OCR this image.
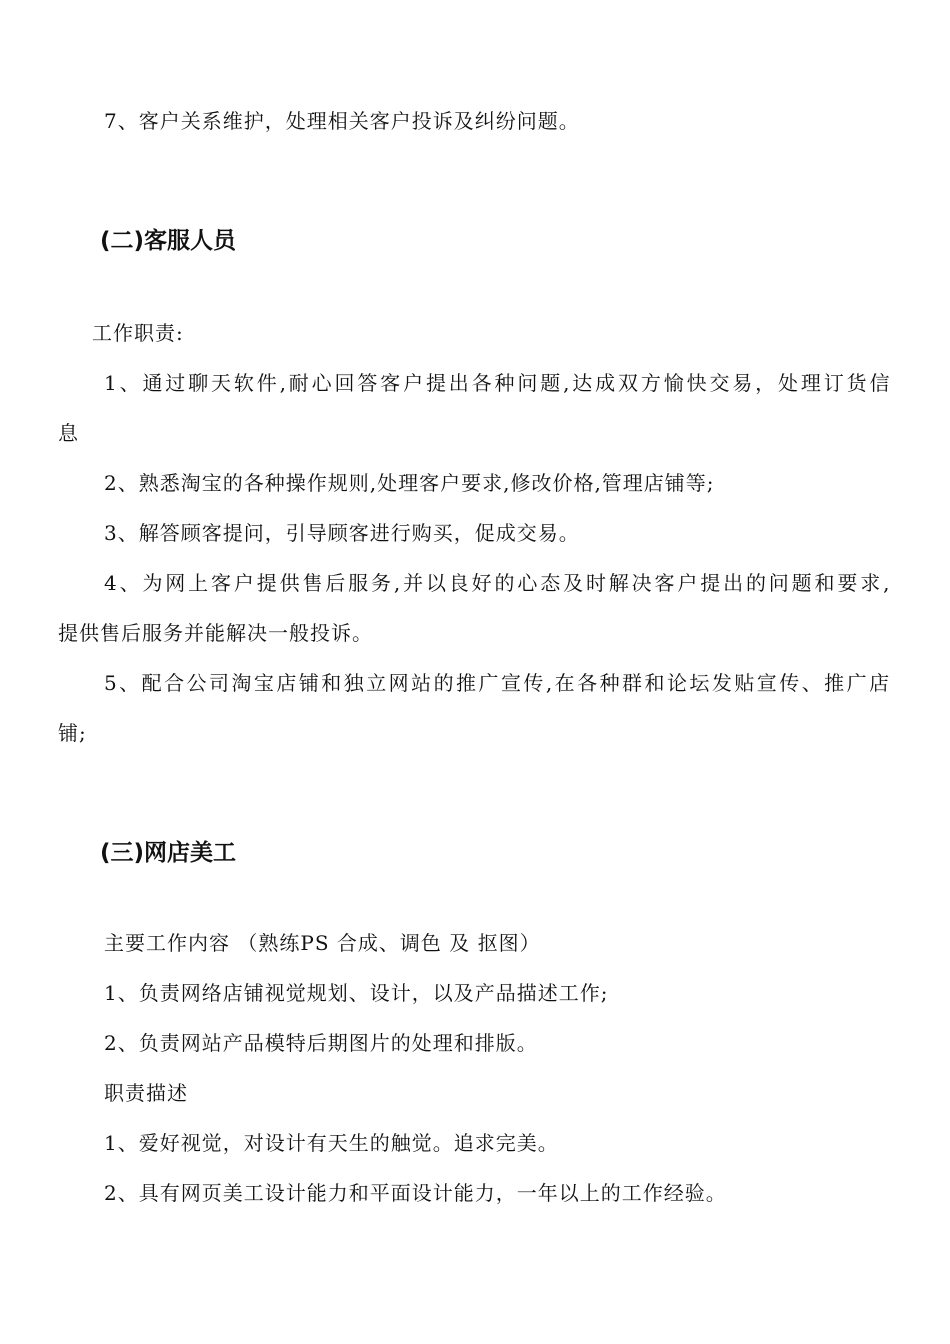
7、客户关系维护，处理相关客户投诉及纠纷问题。
(二)客服人员
工作职责:
1、通过聊天软件,耐心回答客户提出各种问题,达成双方愉快交易，处理订货信
息
2、熟悉淘宝的各种操作规则,处理客户要求,修改价格,管理店铺等;
3、解答顾客提问，引导顾客进行购买，促成交易。
4、为网上客户提供售后服务,并以良好的心态及时解决客户提出的问题和要求,
提供售后服务并能解决一般投诉。
5、配合公司淘宝店铺和独立网站的推广宣传,在各种群和论坛发贴宣传、推广店
铺;
(三)网店美工
主要工作内容 （熟练PS 合成、调色 及 抠图）
1、负责网络店铺视觉规划、设计，以及产品描述工作;
2、负责网站产品模特后期图片的处理和排版。
职责描述
1、爱好视觉，对设计有天生的触觉。追求完美。
2、具有网页美工设计能力和平面设计能力，一年以上的工作经验。
